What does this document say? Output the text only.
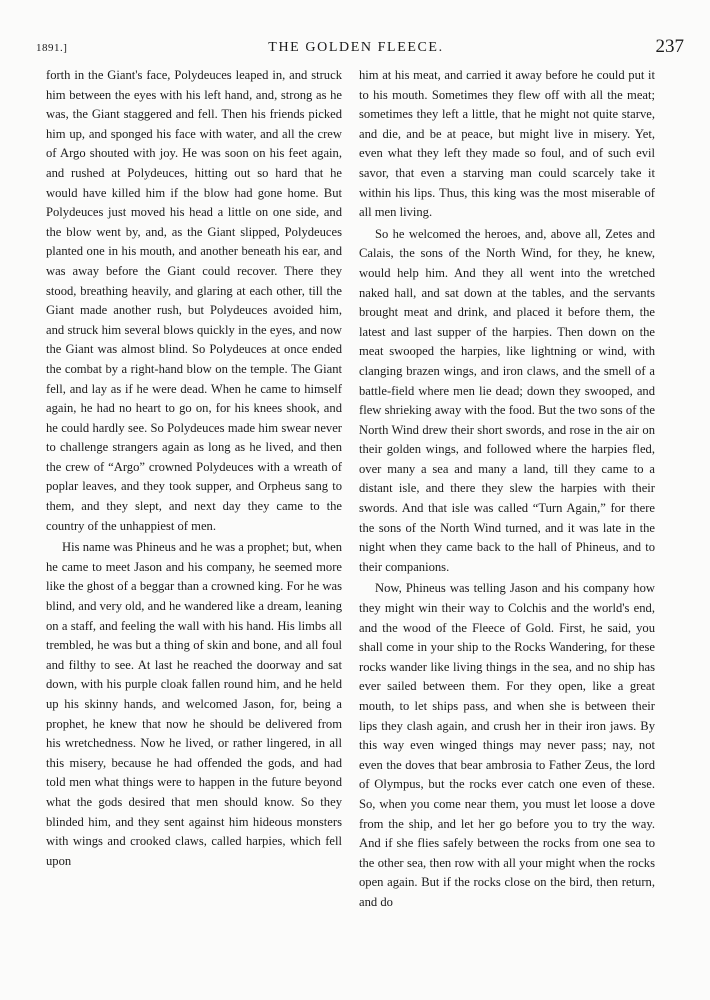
1891.]	THE GOLDEN FLEECE.	237

forth in the Giant's face, Polydeuces leaped in, and struck him between the eyes with his left hand, and, strong as he was, the Giant staggered and fell. Then his friends picked him up, and sponged his face with water, and all the crew of Argo shouted with joy. He was soon on his feet again, and rushed at Polydeuces, hitting out so hard that he would have killed him if the blow had gone home. But Polydeuces just moved his head a little on one side, and the blow went by, and, as the Giant slipped, Polydeuces planted one in his mouth, and another beneath his ear, and was away before the Giant could recover. There they stood, breathing heavily, and glaring at each other, till the Giant made another rush, but Polydeuces avoided him, and struck him several blows quickly in the eyes, and now the Giant was almost blind. So Polydeuces at once ended the combat by a right-hand blow on the temple. The Giant fell, and lay as if he were dead. When he came to himself again, he had no heart to go on, for his knees shook, and he could hardly see. So Polydeuces made him swear never to challenge strangers again as long as he lived, and then the crew of “Argo” crowned Polydeuces with a wreath of poplar leaves, and they took supper, and Orpheus sang to them, and they slept, and next day they came to the country of the unhappiest of men.

His name was Phineus and he was a prophet; but, when he came to meet Jason and his company, he seemed more like the ghost of a beggar than a crowned king. For he was blind, and very old, and he wandered like a dream, leaning on a staff, and feeling the wall with his hand. His limbs all trembled, he was but a thing of skin and bone, and all foul and filthy to see. At last he reached the doorway and sat down, with his purple cloak fallen round him, and he held up his skinny hands, and welcomed Jason, for, being a prophet, he knew that now he should be delivered from his wretchedness. Now he lived, or rather lingered, in all this misery, because he had offended the gods, and had told men what things were to happen in the future beyond what the gods desired that men should know. So they blinded him, and they sent against him hideous monsters with wings and crooked claws, called harpies, which fell upon

him at his meat, and carried it away before he could put it to his mouth. Sometimes they flew off with all the meat; sometimes they left a little, that he might not quite starve, and die, and be at peace, but might live in misery. Yet, even what they left they made so foul, and of such evil savor, that even a starving man could scarcely take it within his lips. Thus, this king was the most miserable of all men living.

So he welcomed the heroes, and, above all, Zetes and Calais, the sons of the North Wind, for they, he knew, would help him. And they all went into the wretched naked hall, and sat down at the tables, and the servants brought meat and drink, and placed it before them, the latest and last supper of the harpies. Then down on the meat swooped the harpies, like lightning or wind, with clanging brazen wings, and iron claws, and the smell of a battle-field where men lie dead; down they swooped, and flew shrieking away with the food. But the two sons of the North Wind drew their short swords, and rose in the air on their golden wings, and followed where the harpies fled, over many a sea and many a land, till they came to a distant isle, and there they slew the harpies with their swords. And that isle was called “Turn Again,” for there the sons of the North Wind turned, and it was late in the night when they came back to the hall of Phineus, and to their companions.

Now, Phineus was telling Jason and his company how they might win their way to Colchis and the world's end, and the wood of the Fleece of Gold. First, he said, you shall come in your ship to the Rocks Wandering, for these rocks wander like living things in the sea, and no ship has ever sailed between them. For they open, like a great mouth, to let ships pass, and when she is between their lips they clash again, and crush her in their iron jaws. By this way even winged things may never pass; nay, not even the doves that bear ambrosia to Father Zeus, the lord of Olympus, but the rocks ever catch one even of these. So, when you come near them, you must let loose a dove from the ship, and let her go before you to try the way. And if she flies safely between the rocks from one sea to the other sea, then row with all your might when the rocks open again. But if the rocks close on the bird, then return, and do
